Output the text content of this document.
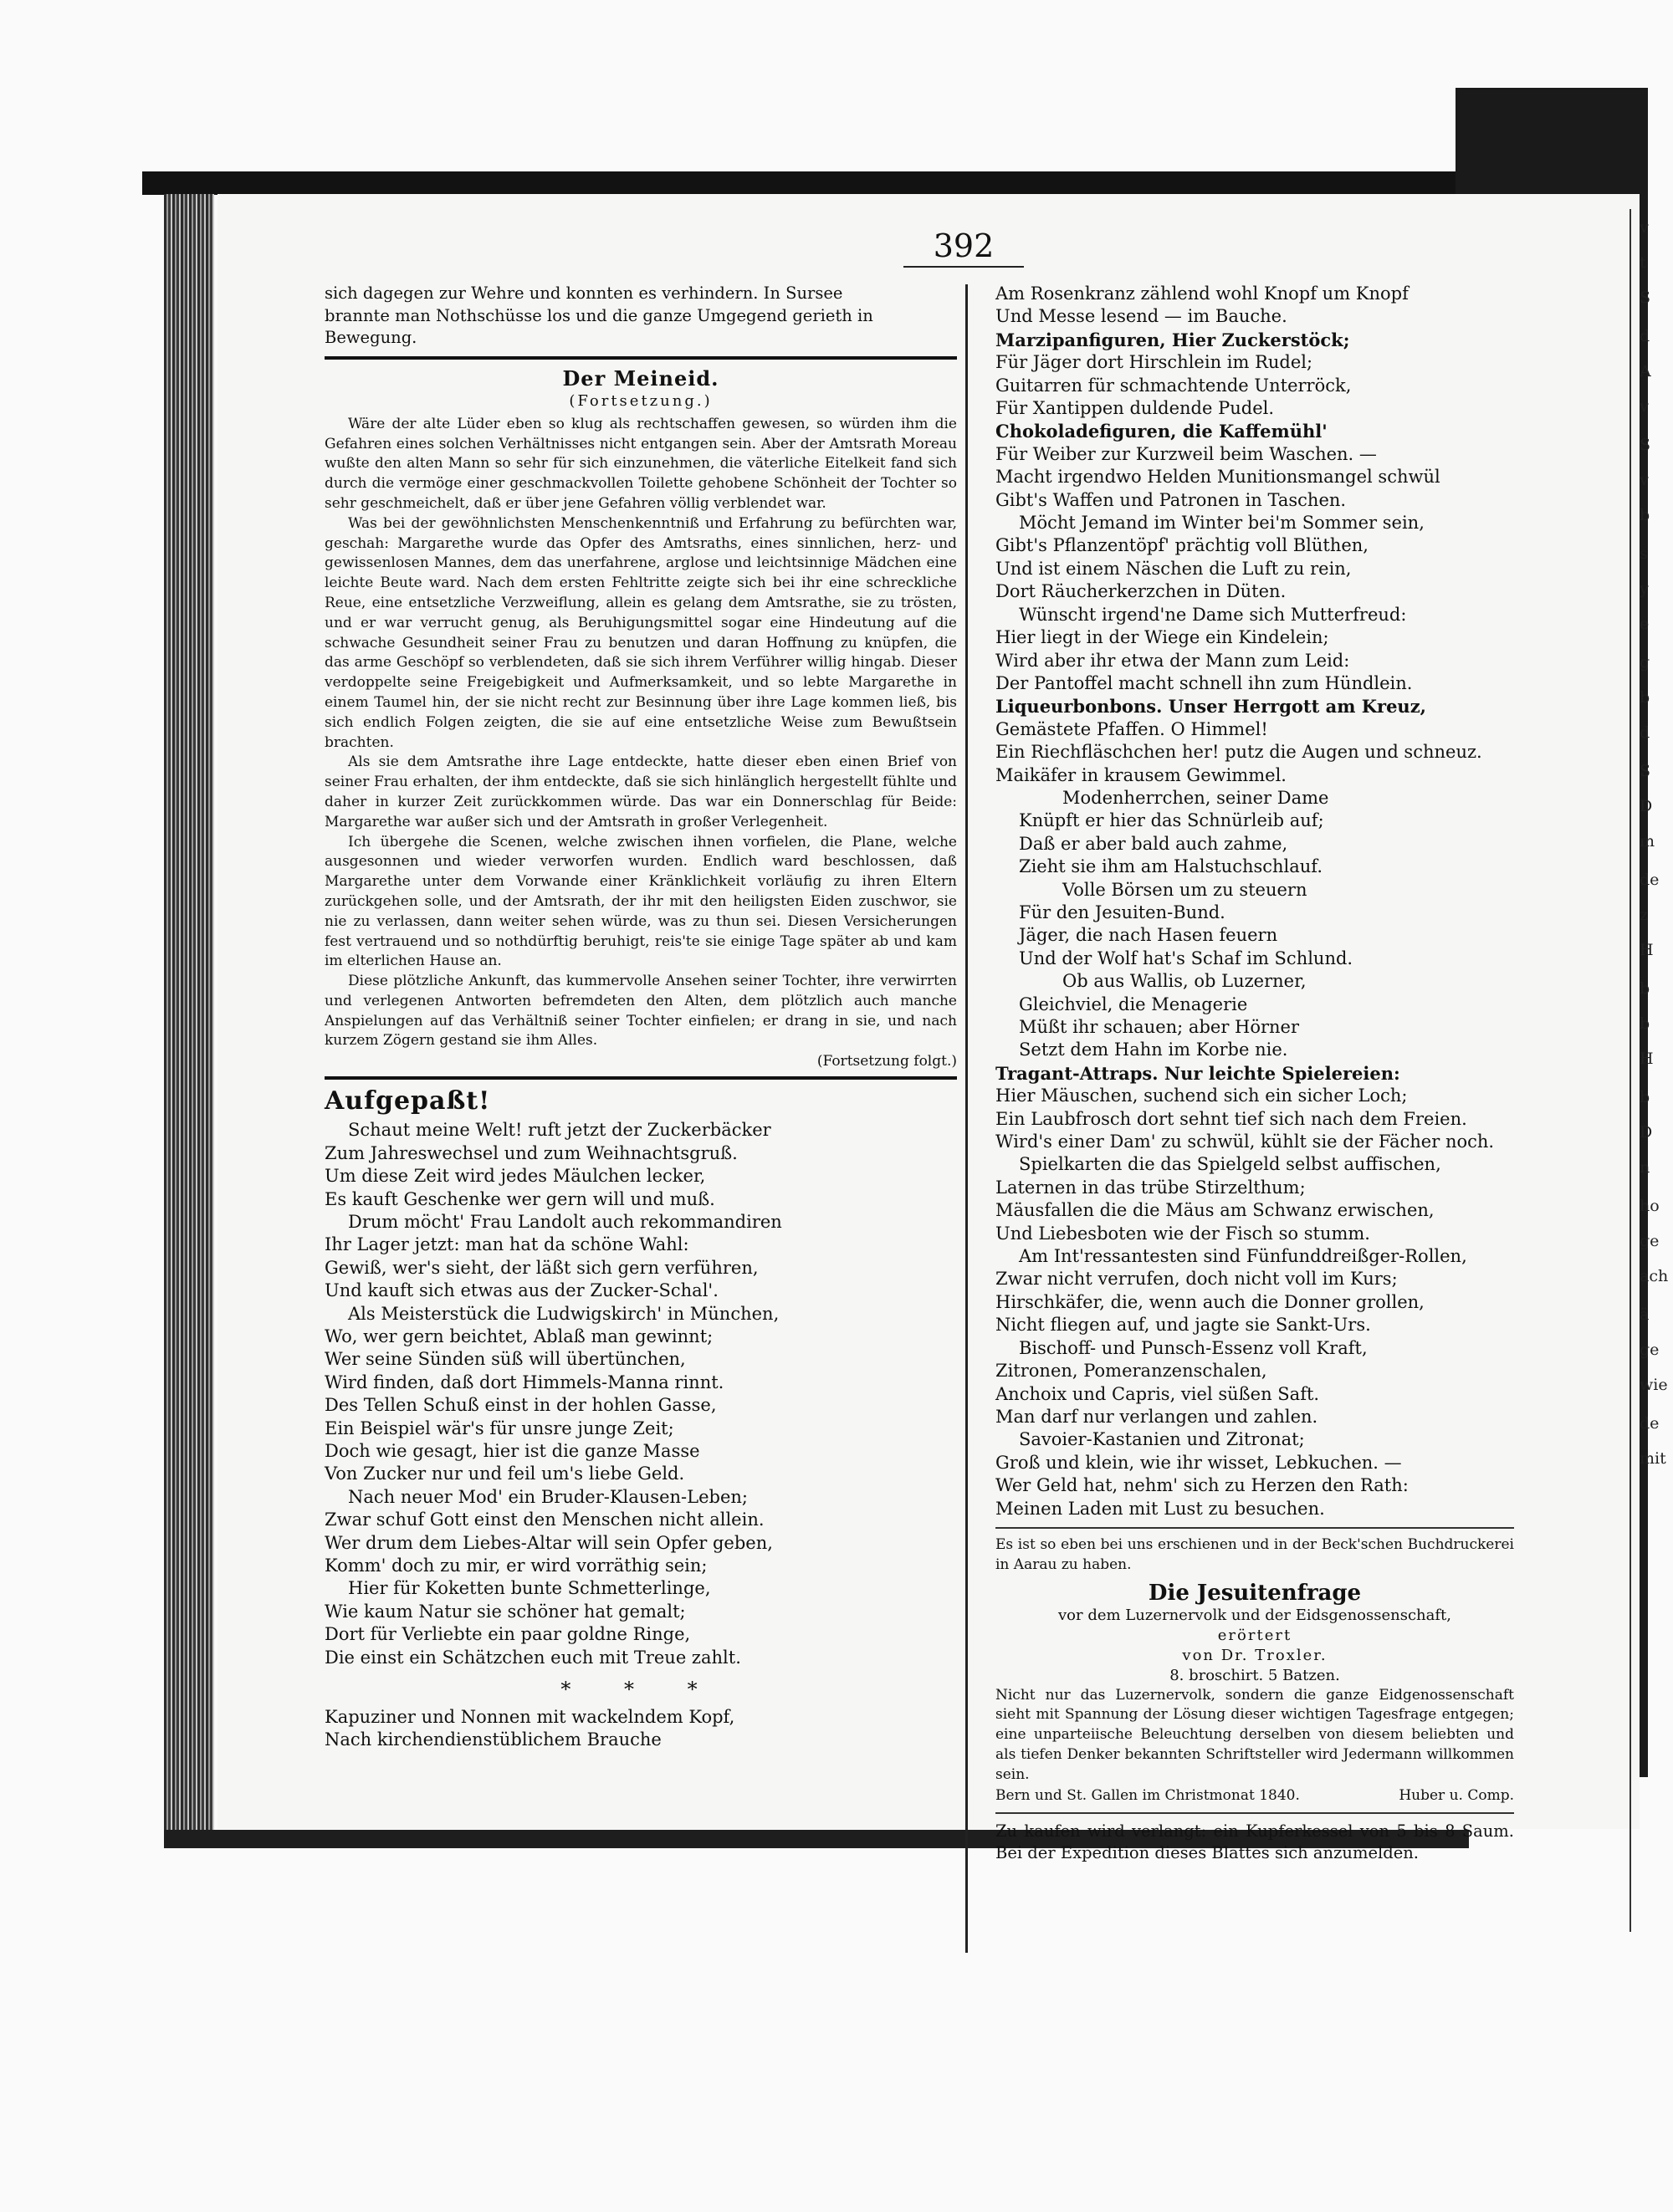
392
sich dagegen zur Wehre und konnten es verhindern. In Sursee
brannte man Nothschüsse los und die ganze Umgegend gerieth in
Bewegung.
Der Meineid.
(Fortsetzung.)

Wäre der alte Lüder eben so klug als rechtschaffen gewesen, so würden ihm die Gefahren eines solchen Verhältnisses nicht entgangen sein. Aber der Amtsrath Moreau wußte den alten Mann so sehr für sich einzunehmen, die väterliche Eitelkeit fand sich durch die vermöge einer geschmackvollen Toilette gehobene Schönheit der Tochter so sehr geschmeichelt, daß er über jene Gefahren völlig verblendet war.

Was bei der gewöhnlichsten Menschenkenntniß und Erfahrung zu befürchten war, geschah: Margarethe wurde das Opfer des Amtsraths, eines sinnlichen, herz- und gewissenlosen Mannes, dem das unerfahrene, arglose und leichtsinnige Mädchen eine leichte Beute ward. Nach dem ersten Fehltritte zeigte sich bei ihr eine schreckliche Reue, eine entsetzliche Verzweiflung, allein es gelang dem Amtsrathe, sie zu trösten, und er war verrucht genug, als Beruhigungsmittel sogar eine Hindeutung auf die schwache Gesundheit seiner Frau zu benutzen und daran Hoffnung zu knüpfen, die das arme Geschöpf so verblendeten, daß sie sich ihrem Verführer willig hingab. Dieser verdoppelte seine Freigebigkeit und Aufmerksamkeit, und so lebte Margarethe in einem Taumel hin, der sie nicht recht zur Besinnung über ihre Lage kommen ließ, bis sich endlich Folgen zeigten, die sie auf eine entsetzliche Weise zum Bewußtsein brachten.

Als sie dem Amtsrathe ihre Lage entdeckte, hatte dieser eben einen Brief von seiner Frau erhalten, der ihm entdeckte, daß sie sich hinlänglich hergestellt fühlte und daher in kurzer Zeit zurückkommen würde. Das war ein Donnerschlag für Beide: Margarethe war außer sich und der Amtsrath in großer Verlegenheit.

Ich übergehe die Scenen, welche zwischen ihnen vorfielen, die Plane, welche ausgesonnen und wieder verworfen wurden. Endlich ward beschlossen, daß Margarethe unter dem Vorwande einer Kränklichkeit vorläufig zu ihren Eltern zurückgehen solle, und der Amtsrath, der ihr mit den heiligsten Eiden zuschwor, sie nie zu verlassen, dann weiter sehen würde, was zu thun sei. Diesen Versicherungen fest vertrauend und so nothdürftig beruhigt, reis'te sie einige Tage später ab und kam im elterlichen Hause an.

Diese plötzliche Ankunft, das kummervolle Ansehen seiner Tochter, ihre verwirrten und verlegenen Antworten befremdeten den Alten, dem plötzlich auch manche Anspielungen auf das Verhältniß seiner Tochter einfielen; er drang in sie, und nach kurzem Zögern gestand sie ihm Alles.

(Fortsetzung folgt.)
Aufgepaßt!
Schaut meine Welt! ruft jetzt der Zuckerbäcker
Zum Jahreswechsel und zum Weihnachtsgruß.
Um diese Zeit wird jedes Mäulchen lecker,
Es kauft Geschenke wer gern will und muß.
Drum möcht' Frau Landolt auch rekommandiren
Ihr Lager jetzt: man hat da schöne Wahl:
Gewiß, wer's sieht, der läßt sich gern verführen,
Und kauft sich etwas aus der Zucker-Schal'.
Als Meisterstück die Ludwigskirch' in München,
Wo, wer gern beichtet, Ablaß man gewinnt;
Wer seine Sünden süß will übertünchen,
Wird finden, daß dort Himmels-Manna rinnt.
Des Tellen Schuß einst in der hohlen Gasse,
Ein Beispiel wär's für unsre junge Zeit;
Doch wie gesagt, hier ist die ganze Masse
Von Zucker nur und feil um's liebe Geld.
Nach neuer Mod' ein Bruder-Klausen-Leben;
Zwar schuf Gott einst den Menschen nicht allein.
Wer drum dem Liebes-Altar will sein Opfer geben,
Komm' doch zu mir, er wird vorräthig sein;
Hier für Koketten bunte Schmetterlinge,
Wie kaum Natur sie schöner hat gemalt;
Dort für Verliebte ein paar goldne Ringe,
Die einst ein Schätzchen euch mit Treue zahlt.
* * *
Kapuziner und Nonnen mit wackelndem Kopf,
Nach kirchendienstüblichem Brauche
Am Rosenkranz zählend wohl Knopf um Knopf
Und Messe lesend — im Bauche.
Marzipanfiguren, Hier Zuckerstöck;
Für Jäger dort Hirschlein im Rudel;
Guitarren für schmachtende Unterröck,
Für Xantippen duldende Pudel.
Chokoladefiguren, die Kaffemühl'
Für Weiber zur Kurzweil beim Waschen. —
Macht irgendwo Helden Munitionsmangel schwül
Gibt's Waffen und Patronen in Taschen.
Möcht Jemand im Winter bei'm Sommer sein,
Gibt's Pflanzentöpf' prächtig voll Blüthen,
Und ist einem Näschen die Luft zu rein,
Dort Räucherkerzchen in Düten.
Wünscht irgend'ne Dame sich Mutterfreud:
Hier liegt in der Wiege ein Kindelein;
Wird aber ihr etwa der Mann zum Leid:
Der Pantoffel macht schnell ihn zum Hündlein.
Liqueurbonbons. Unser Herrgott am Kreuz,
Gemästete Pfaffen. O Himmel!
Ein Riechfläschchen her! putz die Augen und schneuz.
Maikäfer in krausem Gewimmel.
Modenherrchen, seiner Dame
Knüpft er hier das Schnürleib auf;
Daß er aber bald auch zahme,
Zieht sie ihm am Halstuchschlauf.
Volle Börsen um zu steuern
Für den Jesuiten-Bund.
Jäger, die nach Hasen feuern
Und der Wolf hat's Schaf im Schlund.
Ob aus Wallis, ob Luzerner,
Gleichviel, die Menagerie
Müßt ihr schauen; aber Hörner
Setzt dem Hahn im Korbe nie.
Tragant-Attraps. Nur leichte Spielereien:
Hier Mäuschen, suchend sich ein sicher Loch;
Ein Laubfrosch dort sehnt tief sich nach dem Freien.
Wird's einer Dam' zu schwül, kühlt sie der Fächer noch.
Spielkarten die das Spielgeld selbst auffischen,
Laternen in das trübe Stirzelthum;
Mäusfallen die die Mäus am Schwanz erwischen,
Und Liebesboten wie der Fisch so stumm.
Am Int'ressantesten sind Fünfunddreißger-Rollen,
Zwar nicht verrufen, doch nicht voll im Kurs;
Hirschkäfer, die, wenn auch die Donner grollen,
Nicht fliegen auf, und jagte sie Sankt-Urs.
Bischoff- und Punsch-Essenz voll Kraft,
Zitronen, Pomeranzenschalen,
Anchoix und Capris, viel süßen Saft.
Man darf nur verlangen und zahlen.
Savoier-Kastanien und Zitronat;
Groß und klein, wie ihr wisset, Lebkuchen. —
Wer Geld hat, nehm' sich zu Herzen den Rath:
Meinen Laden mit Lust zu besuchen.
Es ist so eben bei uns erschienen und in der Beck'schen Buchdruckerei in Aarau zu haben.
Die Jesuitenfrage
vor dem Luzernervolk und der Eidsgenossenschaft,
erörtert
von Dr. Troxler.
8. broschirt. 5 Batzen.
Nicht nur das Luzernervolk, sondern die ganze Eidgenossenschaft sieht mit Spannung der Lösung dieser wichtigen Tagesfrage entgegen; eine unparteiische Beleuchtung derselben von diesem beliebten und als tiefen Denker bekannten Schriftsteller wird Jedermann willkommen sein.
Bern und St. Gallen im Christmonat 1840.	Huber u. Comp.
Zu kaufen wird verlangt: ein Kupferkessel von 5 bis 8 Saum. Bei der Expedition dieses Blattes sich anzumelden.
v
t
S
d
A
v
S
v
b
s
y
e
g
b
d
S
D
m
de
z
H
b
b
H
b
D
n
ho
ge
ach
ä
ge
wie
de
mit
